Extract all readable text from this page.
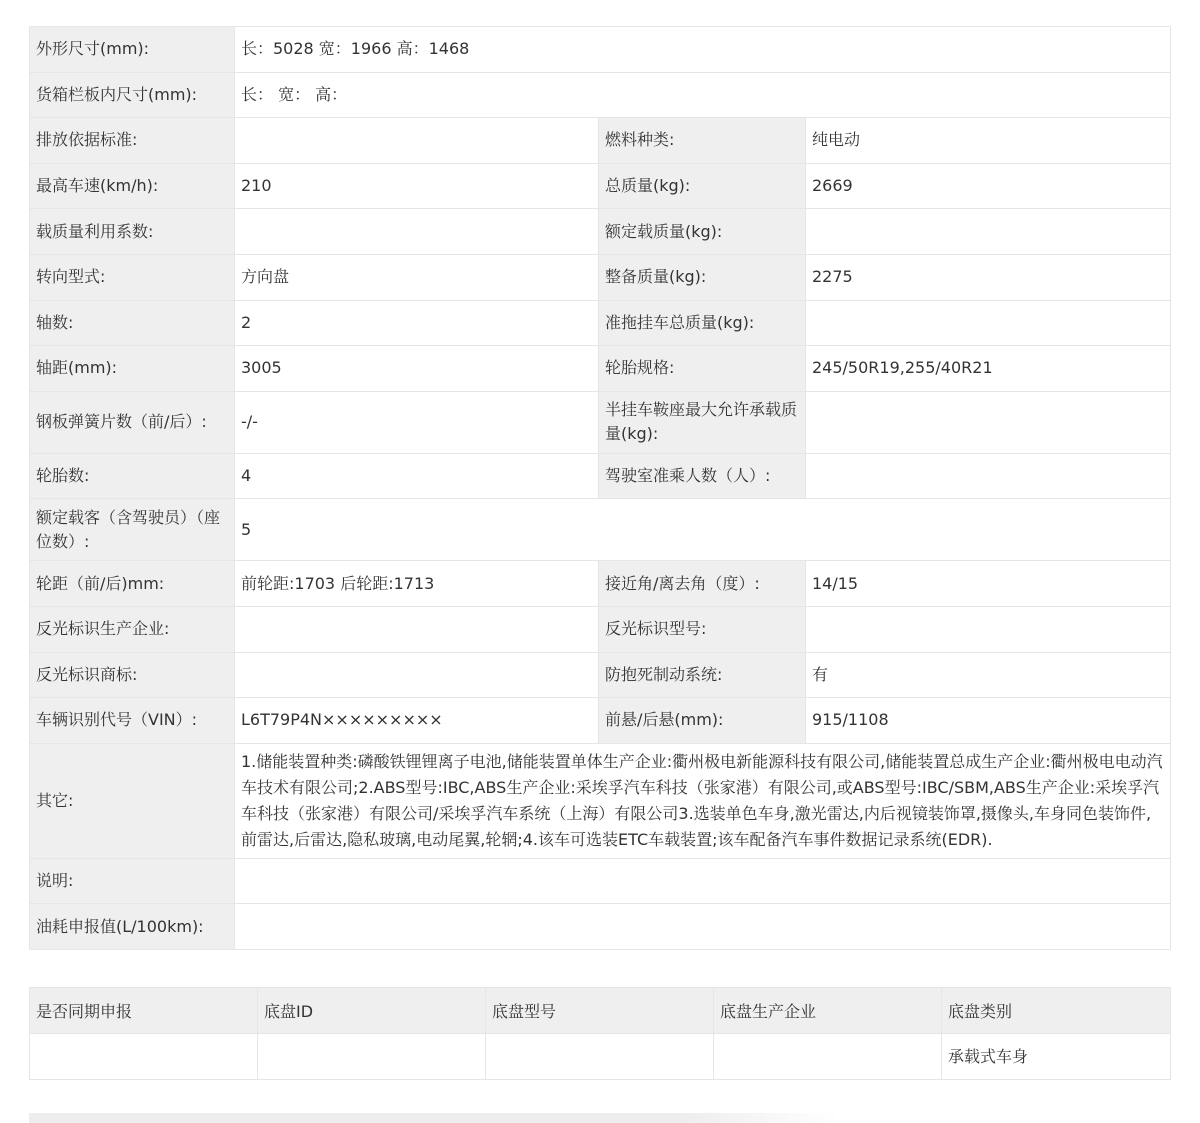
外形尺寸(mm):	长：5028 宽：1966 高：1468		
货箱栏板内尺寸(mm):	长： 宽： 高：		
排放依据标准:		燃料种类:	纯电动
最高车速(km/h):	210	总质量(kg):	2669
载质量利用系数:		额定载质量(kg):	
转向型式:	方向盘	整备质量(kg):	2275
轴数:	2	准拖挂车总质量(kg):	
轴距(mm):	3005	轮胎规格:	245/50R19,255/40R21
钢板弹簧片数（前/后）:	-/-	半挂车鞍座最大允许承载质量(kg):	
轮胎数:	4	驾驶室准乘人数（人）:	
额定载客（含驾驶员）（座位数）:	5		
轮距（前/后)mm:	前轮距:1703 后轮距:1713	接近角/离去角（度）:	14/15
反光标识生产企业:		反光标识型号:	
反光标识商标:		防抱死制动系统:	有
车辆识别代号（VIN）:	L6T79P4N×××××××××	前悬/后悬(mm):	915/1108
其它:	1.储能装置种类:磷酸铁锂锂离子电池,储能装置单体生产企业:衢州极电新能源科技有限公司,储能装置总成生产企业:衢州极电电动汽车技术有限公司;2.ABS型号:IBC,ABS生产企业:采埃孚汽车科技（张家港）有限公司,或ABS型号:IBC/SBM,ABS生产企业:采埃孚汽车科技（张家港）有限公司/采埃孚汽车系统（上海）有限公司3.选装单色车身,激光雷达,内后视镜装饰罩,摄像头,车身同色装饰件,前雷达,后雷达,隐私玻璃,电动尾翼,轮辋;4.该车可选装ETC车载装置;该车配备汽车事件数据记录系统(EDR).		
说明:			
油耗申报值(L/100km):			
是否同期申报	底盘ID	底盘型号	底盘生产企业	底盘类别
				承载式车身
